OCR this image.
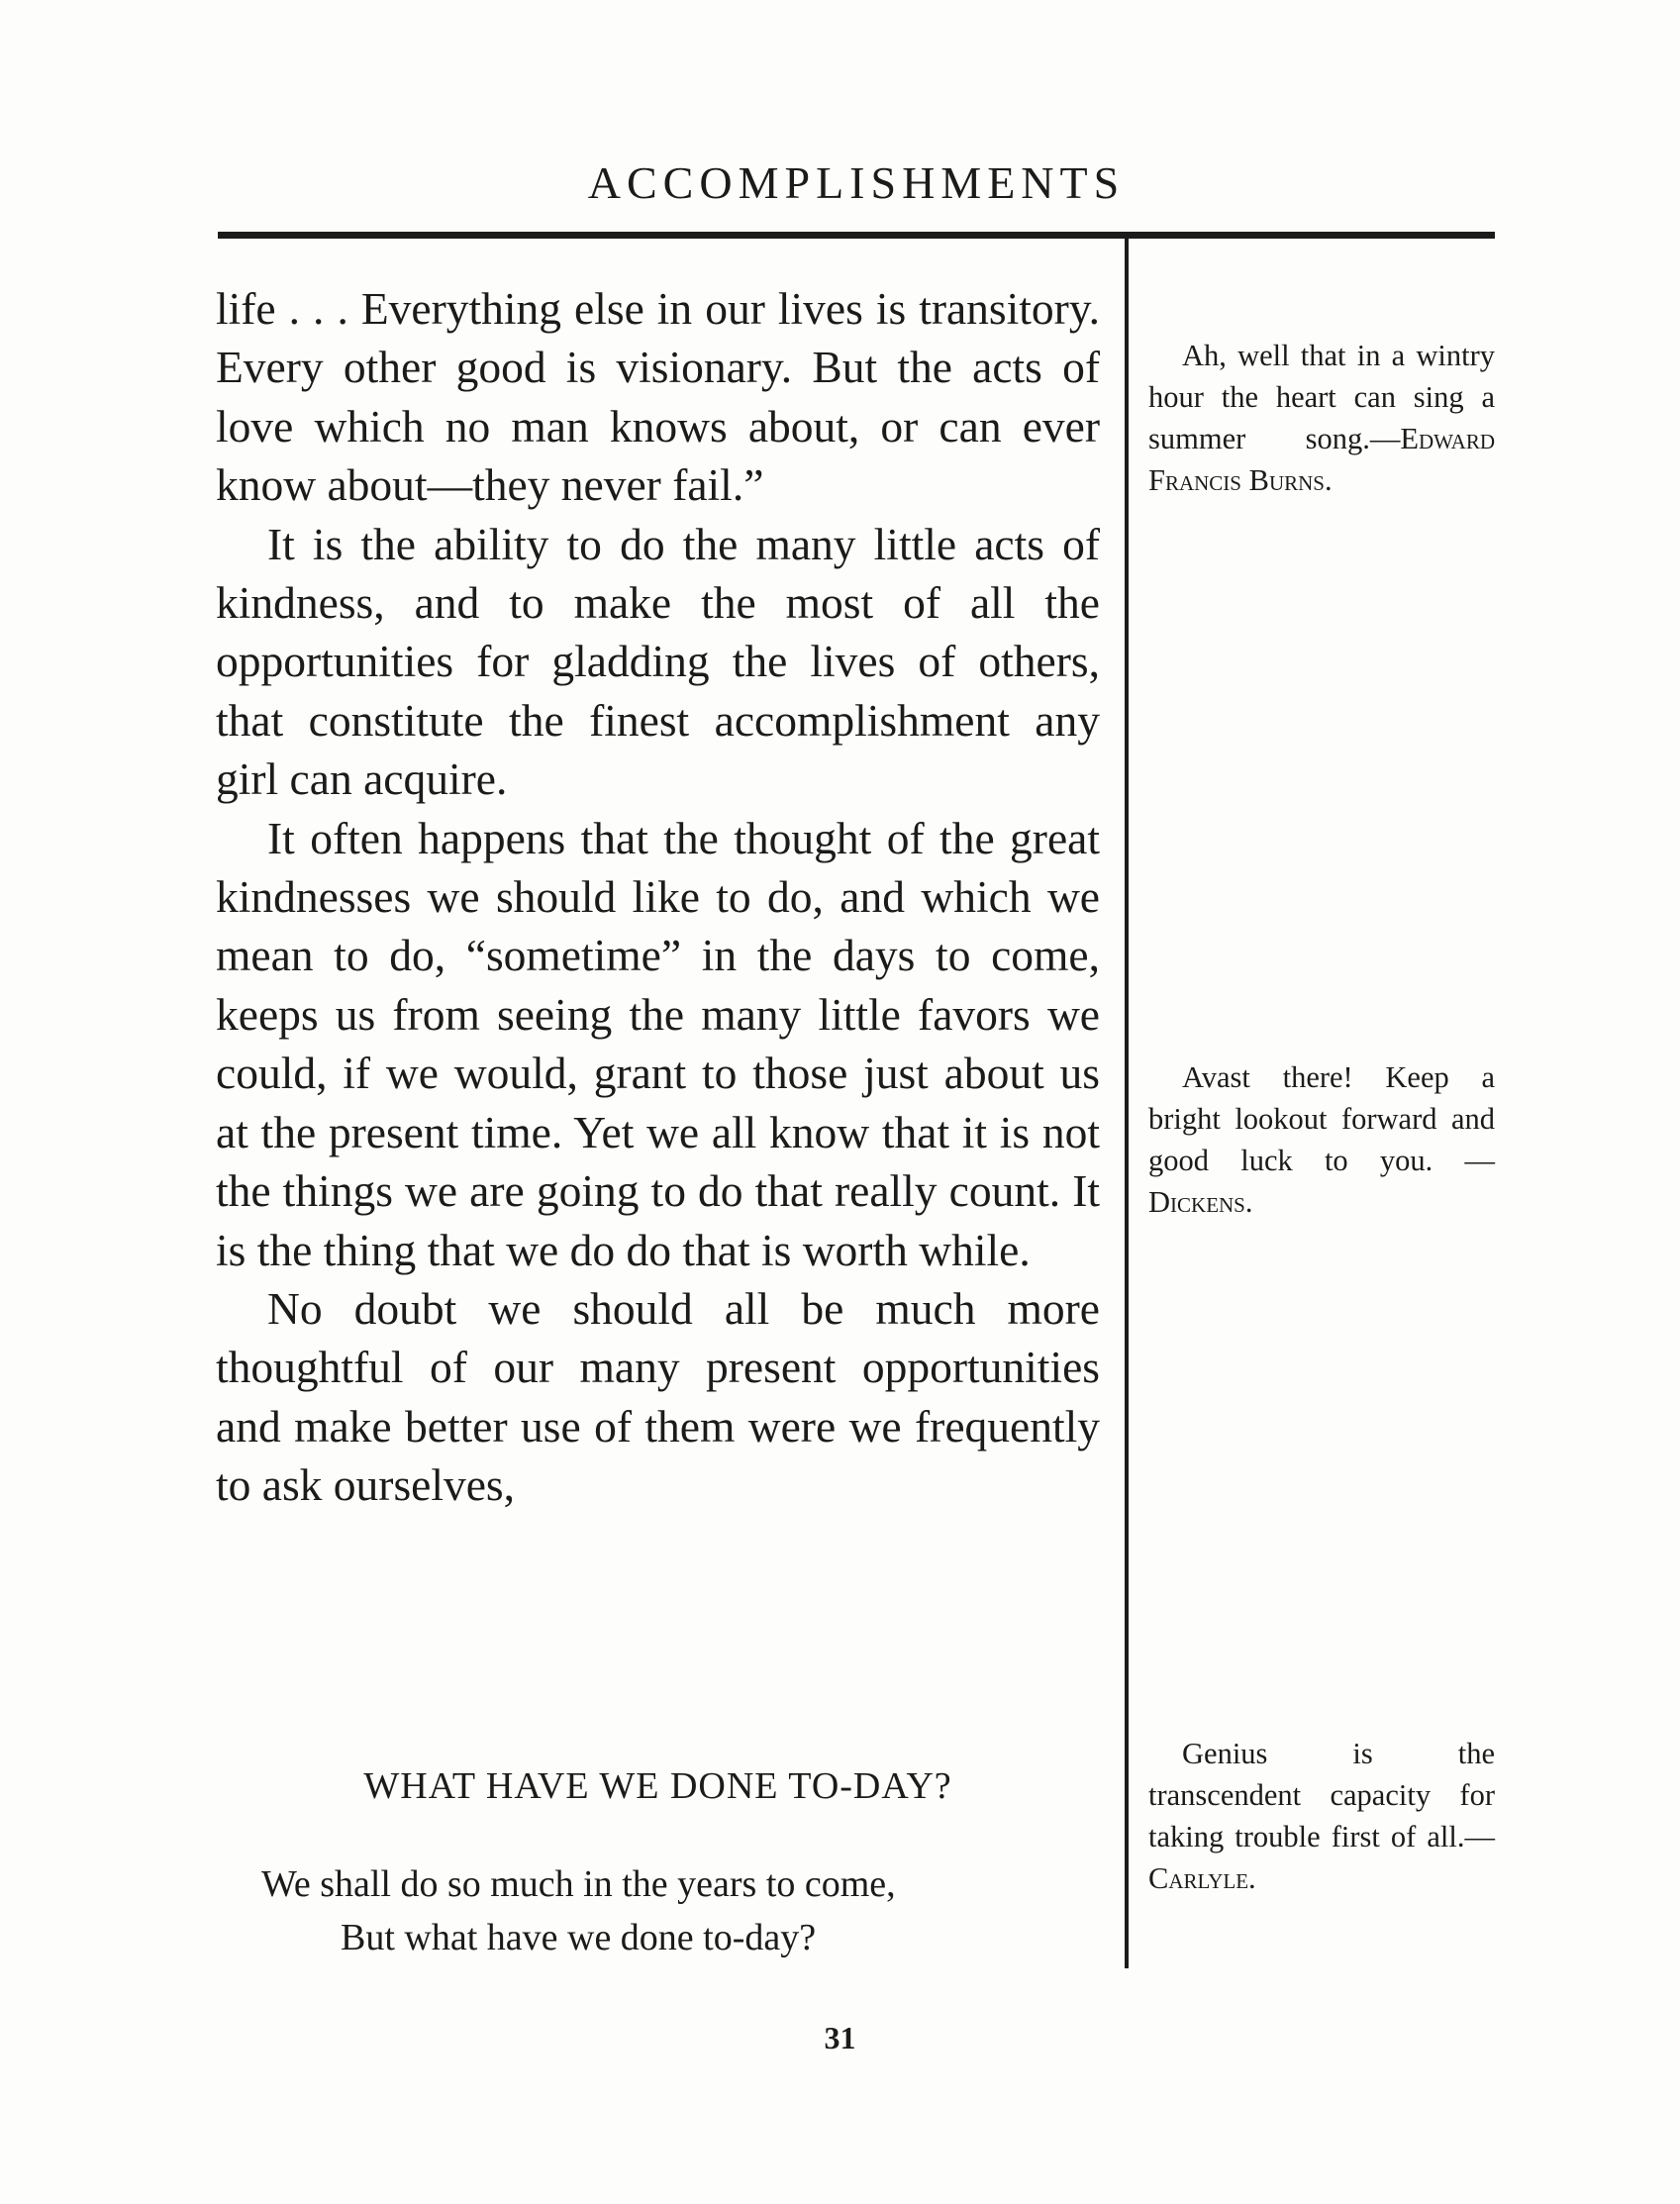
ACCOMPLISHMENTS

life . . . Everything else in our lives is transitory. Every other good is visionary. But the acts of love which no man knows about, or can ever know about—they never fail.”

It is the ability to do the many little acts of kindness, and to make the most of all the opportunities for gladding the lives of others, that constitute the finest accomplishment any girl can acquire.

It often happens that the thought of the great kindnesses we should like to do, and which we mean to do, “sometime” in the days to come, keeps us from seeing the many little favors we could, if we would, grant to those just about us at the present time. Yet we all know that it is not the things we are going to do that really count. It is the thing that we do do that is worth while.

No doubt we should all be much more thoughtful of our many present opportunities and make better use of them were we frequently to ask ourselves,

WHAT HAVE WE DONE TO-DAY?
We shall do so much in the years to come,
But what have we done to-day?

Ah, well that in a wintry hour the heart can sing a summer song.—Edward Francis Burns.

Avast there! Keep a bright lookout forward and good luck to you. — Dickens.

Genius is the transcendent capacity for taking trouble first of all.—Carlyle.

31
